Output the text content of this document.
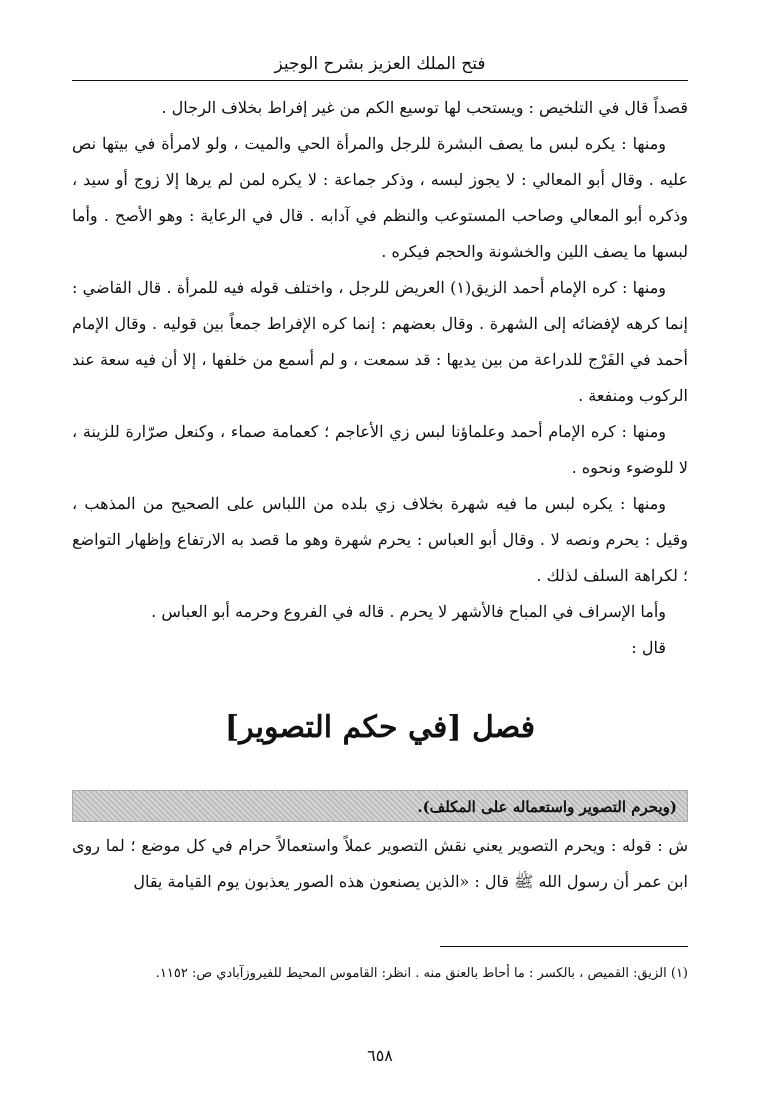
فتح الملك العزيز بشرح الوجيز

قصداً قال في التلخيص : ويستحب لها توسيع الكم من غير إفراط بخلاف الرجال .

ومنها : يكره لبس ما يصف البشرة للرجل والمرأة الحي والميت ، ولو لامرأة في بيتها نص عليه . وقال أبو المعالي : لا يجوز لبسه ، وذكر جماعة : لا يكره لمن لم يرها إلا زوج أو سيد ، وذكره أبو المعالي وصاحب المستوعب والنظم في آدابه . قال في الرعاية : وهو الأصح . وأما لبسها ما يصف اللين والخشونة والحجم فيكره .

ومنها : كره الإمام أحمد الزيق(١) العريض للرجل ، واختلف قوله فيه للمرأة . قال القاضي : إنما كرهه لإفضائه إلى الشهرة . وقال بعضهم : إنما كره الإفراط جمعاً بين قوليه . وقال الإمام أحمد في الفَرْج للدراعة من بين يديها : قد سمعت ، و لم أسمع من خلفها ، إلا أن فيه سعة عند الركوب ومنفعة .

ومنها : كره الإمام أحمد وعلماؤنا لبس زي الأعاجم ؛ كعمامة صماء ، وكنعل صرّارة للزينة ، لا للوضوء ونحوه .

ومنها : يكره لبس ما فيه شهرة بخلاف زي بلده من اللباس على الصحيح من المذهب ، وقيل : يحرم ونصه لا . وقال أبو العباس : يحرم شهرة وهو ما قصد به الارتفاع وإظهار التواضع ؛ لكراهة السلف لذلك .

وأما الإسراف في المباح فالأشهر لا يحرم . قاله في الفروع وحرمه أبو العباس .

قال :

فصل [في حكم التصوير]
(ويحرم التصوير واستعماله على المكلف).

ش : قوله : ويحرم التصوير يعني نقش التصوير عملاً واستعمالاً حرام في كل موضع ؛ لما روى ابن عمر أن رسول الله ﷺ قال : «الذين يصنعون هذه الصور يعذبون يوم القيامة يقال

(١) الزيق: القميص ، بالكسر : ما أحاط بالعنق منه . انظر: القاموس المحيط للفيروزآبادي ص: ١١٥٢.
٦٥٨
